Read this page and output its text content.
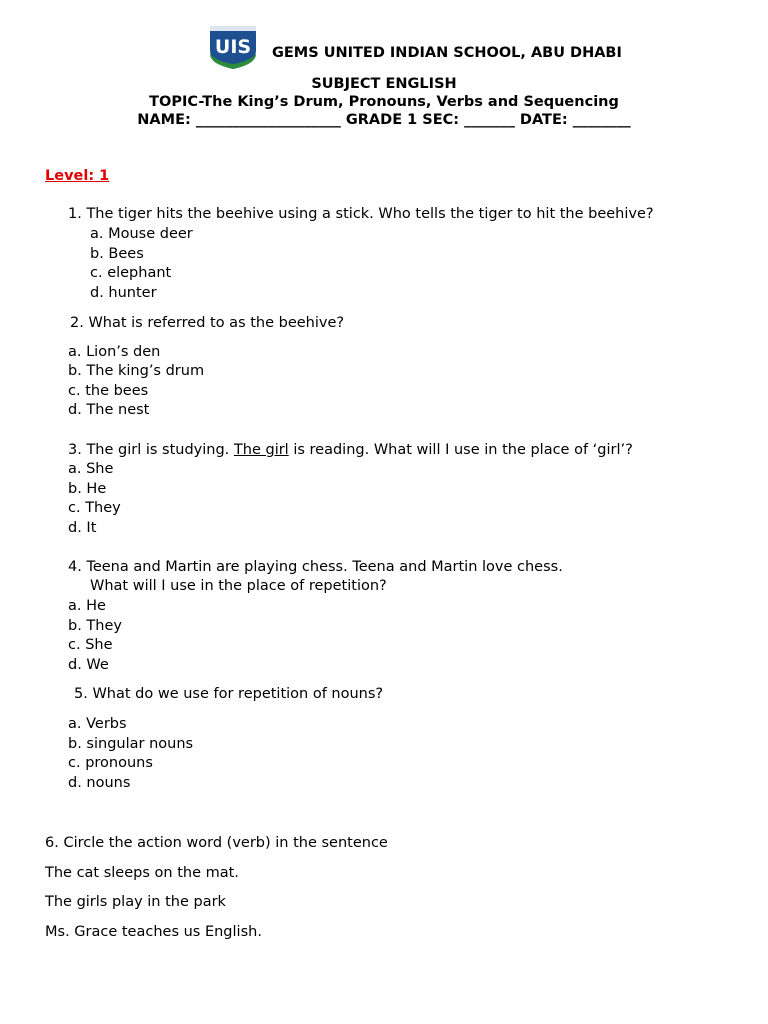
UIS GEMS UNITED INDIAN SCHOOL, ABU DHABI
SUBJECT ENGLISH
TOPIC-The King’s Drum, Pronouns, Verbs and Sequencing
NAME: ____________________ GRADE 1 SEC: _______ DATE: ________
Level: 1
1. The tiger hits the beehive using a stick. Who tells the tiger to hit the beehive?
a. Mouse deer
b. Bees
c. elephant
d. hunter
2. What is referred to as the beehive?
a. Lion’s den
b. The king’s drum
c. the bees
d. The nest
3. The girl is studying. The girl is reading. What will I use in the place of ‘girl’?
a. She
b. He
c. They
d. It
4. Teena and Martin are playing chess. Teena and Martin love chess.
What will I use in the place of repetition?
a. He
b. They
c. She
d. We
5. What do we use for repetition of nouns?
a. Verbs
b. singular nouns
c. pronouns
d. nouns
6. Circle the action word (verb) in the sentence
The cat sleeps on the mat.
The girls play in the park
Ms. Grace teaches us English.
